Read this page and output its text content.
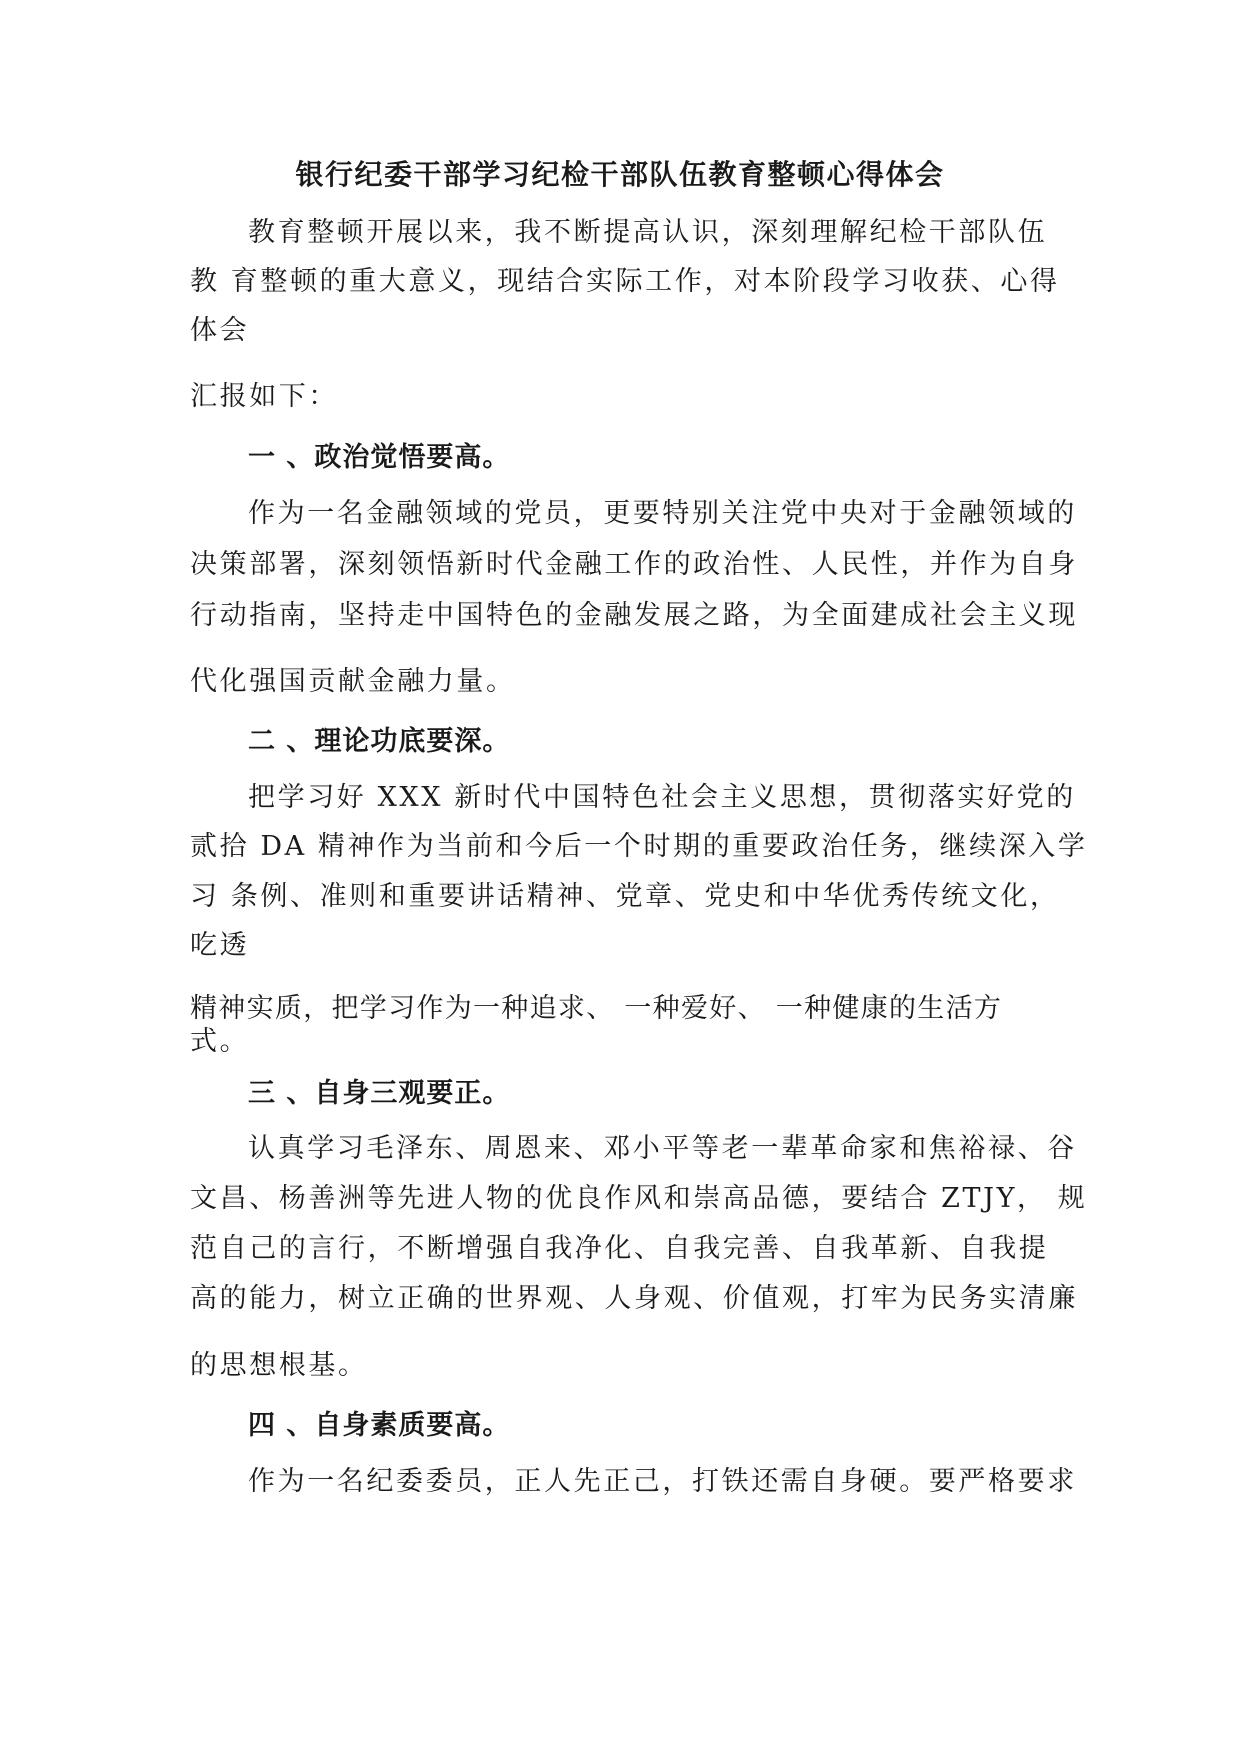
银行纪委干部学习纪检干部队伍教育整顿心得体会
教育整顿开展以来，我不断提高认识，深刻理解纪检干部队伍
教 育整顿的重大意义，现结合实际工作，对本阶段学习收获、心得
体会
汇报如下：
一 、政治觉悟要高。
作为一名金融领域的党员，更要特别关注党中央对于金融领域的
决策部署，深刻领悟新时代金融工作的政治性、人民性，并作为自身
行动指南，坚持走中国特色的金融发展之路，为全面建成社会主义现
代化强国贡献金融力量。
二 、理论功底要深。
把学习好 XXX 新时代中国特色社会主义思想，贯彻落实好党的
贰拾 DA 精神作为当前和今后一个时期的重要政治任务，继续深入学
习 条例、准则和重要讲话精神、党章、党史和中华优秀传统文化，
吃透
精神实质，把学习作为一种追求、 一种爱好、 一种健康的生活方
式。
三 、自身三观要正。
认真学习毛泽东、周恩来、邓小平等老一辈革命家和焦裕禄、谷
文昌、杨善洲等先进人物的优良作风和崇高品德，要结合 ZTJY， 规
范自己的言行，不断增强自我净化、自我完善、自我革新、自我提
高的能力，树立正确的世界观、人身观、价值观，打牢为民务实清廉
的思想根基。
四 、自身素质要高。
作为一名纪委委员，正人先正己，打铁还需自身硬。要严格要求
